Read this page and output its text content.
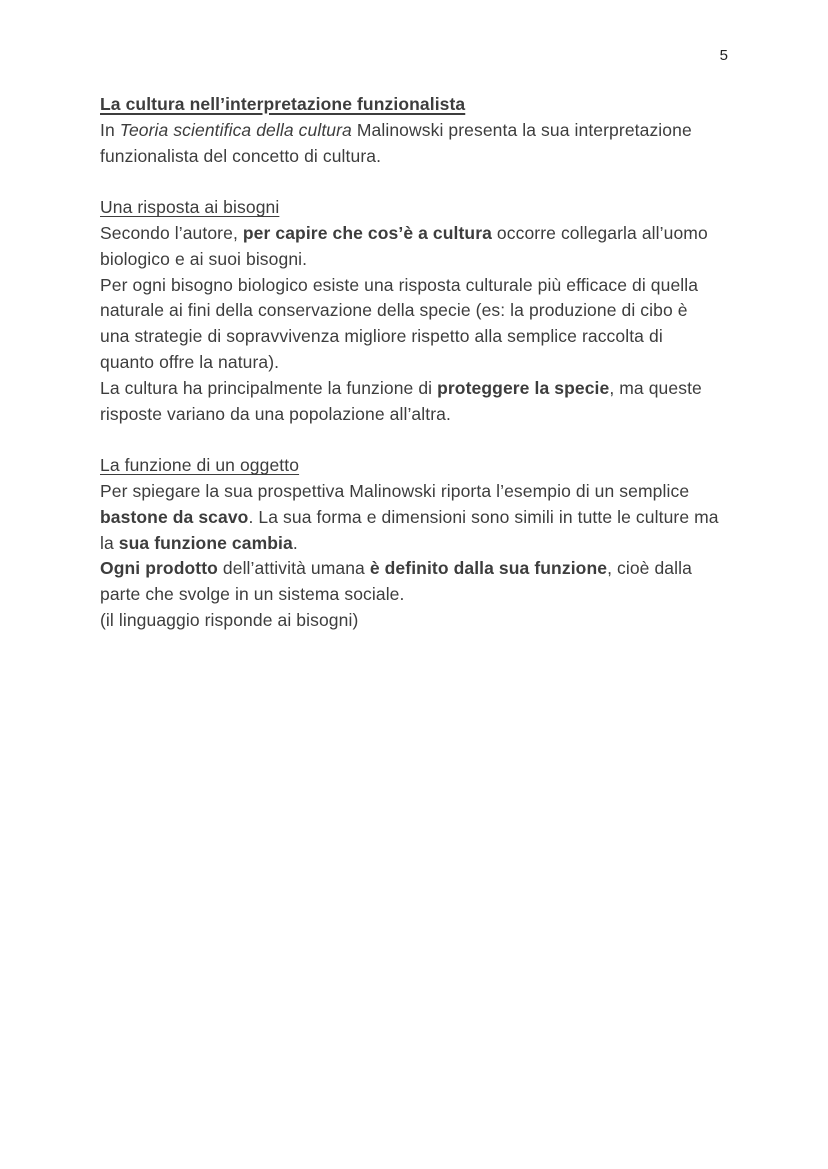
5
La cultura nell’interpretazione funzionalista

In Teoria scientifica della cultura Malinowski presenta la sua interpretazione funzionalista del concetto di cultura.

Una risposta ai bisogni

Secondo l’autore, per capire che cos’è a cultura occorre collegarla all’uomo biologico e ai suoi bisogni.

Per ogni bisogno biologico esiste una risposta culturale più efficace di quella naturale ai fini della conservazione della specie (es: la produzione di cibo è una strategie di sopravvivenza migliore rispetto alla semplice raccolta di quanto offre la natura).

La cultura ha principalmente la funzione di proteggere la specie, ma queste risposte variano da una popolazione all’altra.

La funzione di un oggetto

Per spiegare la sua prospettiva Malinowski riporta l’esempio di un semplice bastone da scavo. La sua forma e dimensioni sono simili in tutte le culture ma la sua funzione cambia.

Ogni prodotto dell’attività umana è definito dalla sua funzione, cioè dalla parte che svolge in un sistema sociale.

(il linguaggio risponde ai bisogni)
